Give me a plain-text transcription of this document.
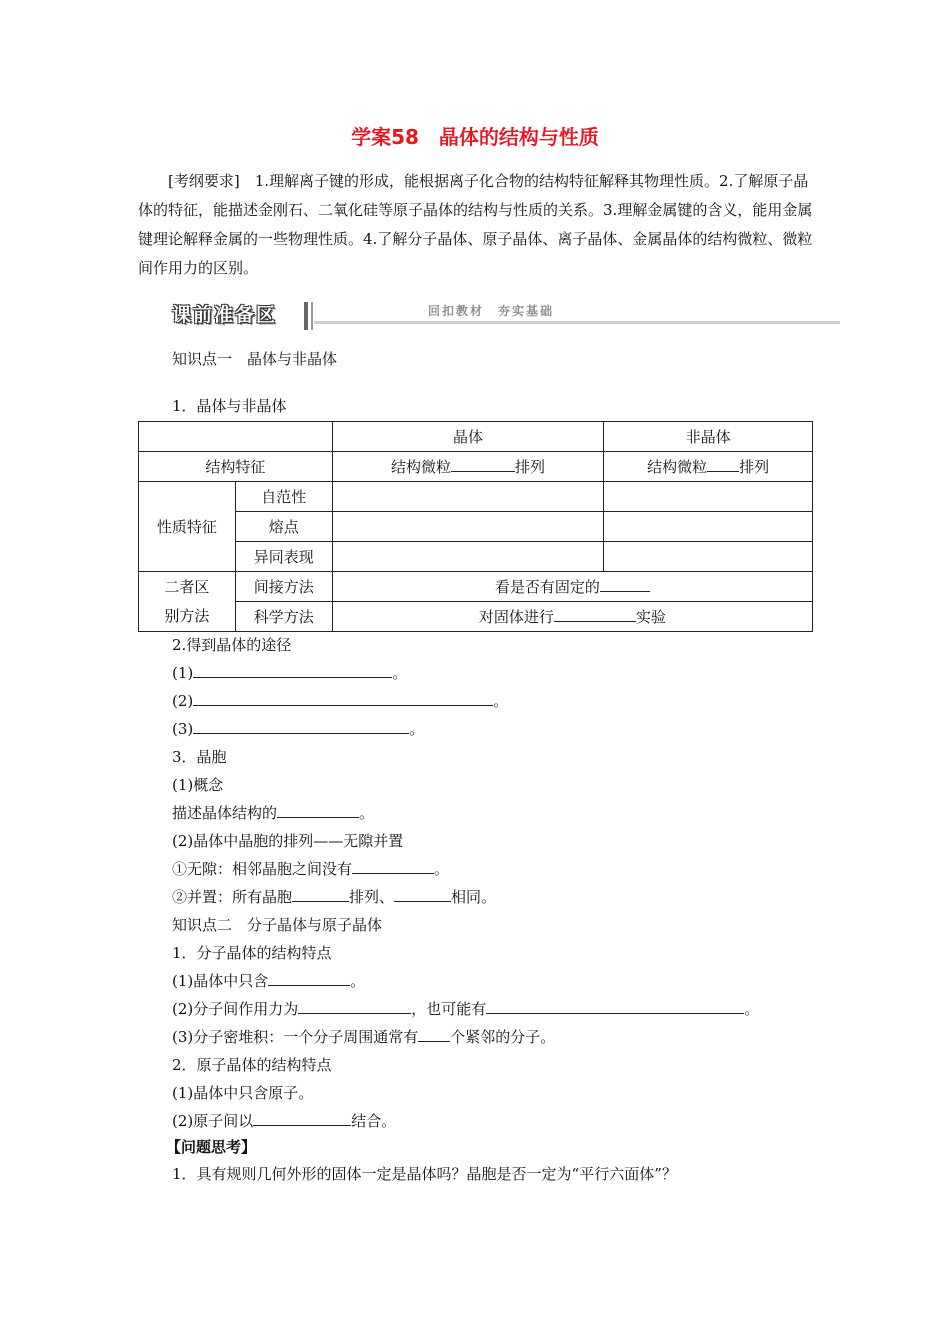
学案58　晶体的结构与性质
[考纲要求]　1.理解离子键的形成，能根据离子化合物的结构特征解释其物理性质。2.了解原子晶体的特征，能描述金刚石、二氧化硅等原子晶体的结构与性质的关系。3.理解金属键的含义，能用金属键理论解释金属的一些物理性质。4.了解分子晶体、原子晶体、离子晶体、金属晶体的结构微粒、微粒间作用力的区别。
课前准备区	回扣教材　夯实基础
知识点一　晶体与非晶体
1．晶体与非晶体
		晶体	非晶体
结构特征		结构微粒 排列	结构微粒 排列
性质特征	自范性		
	熔点		
	异同表现		

二者区
别方法	间接方法	看是否有固定的	
	科学方法	对固体进行 实验	
2.得到晶体的途径
(1)	。
(2)	。
(3)	。
3．晶胞
(1)概念
描述晶体结构的	。
(2)晶体中晶胞的排列——无隙并置
①无隙：相邻晶胞之间没有	。
②并置：所有晶胞	排列、	相同。
知识点二　分子晶体与原子晶体
1．分子晶体的结构特点
(1)晶体中只含	。
(2)分子间作用力为	，也可能有	。
(3)分子密堆积：一个分子周围通常有 个紧邻的分子。
2．原子晶体的结构特点
(1)晶体中只含原子。
(2)原子间以	结合。
【问题思考】
1．具有规则几何外形的固体一定是晶体吗？晶胞是否一定为“平行六面体”？
